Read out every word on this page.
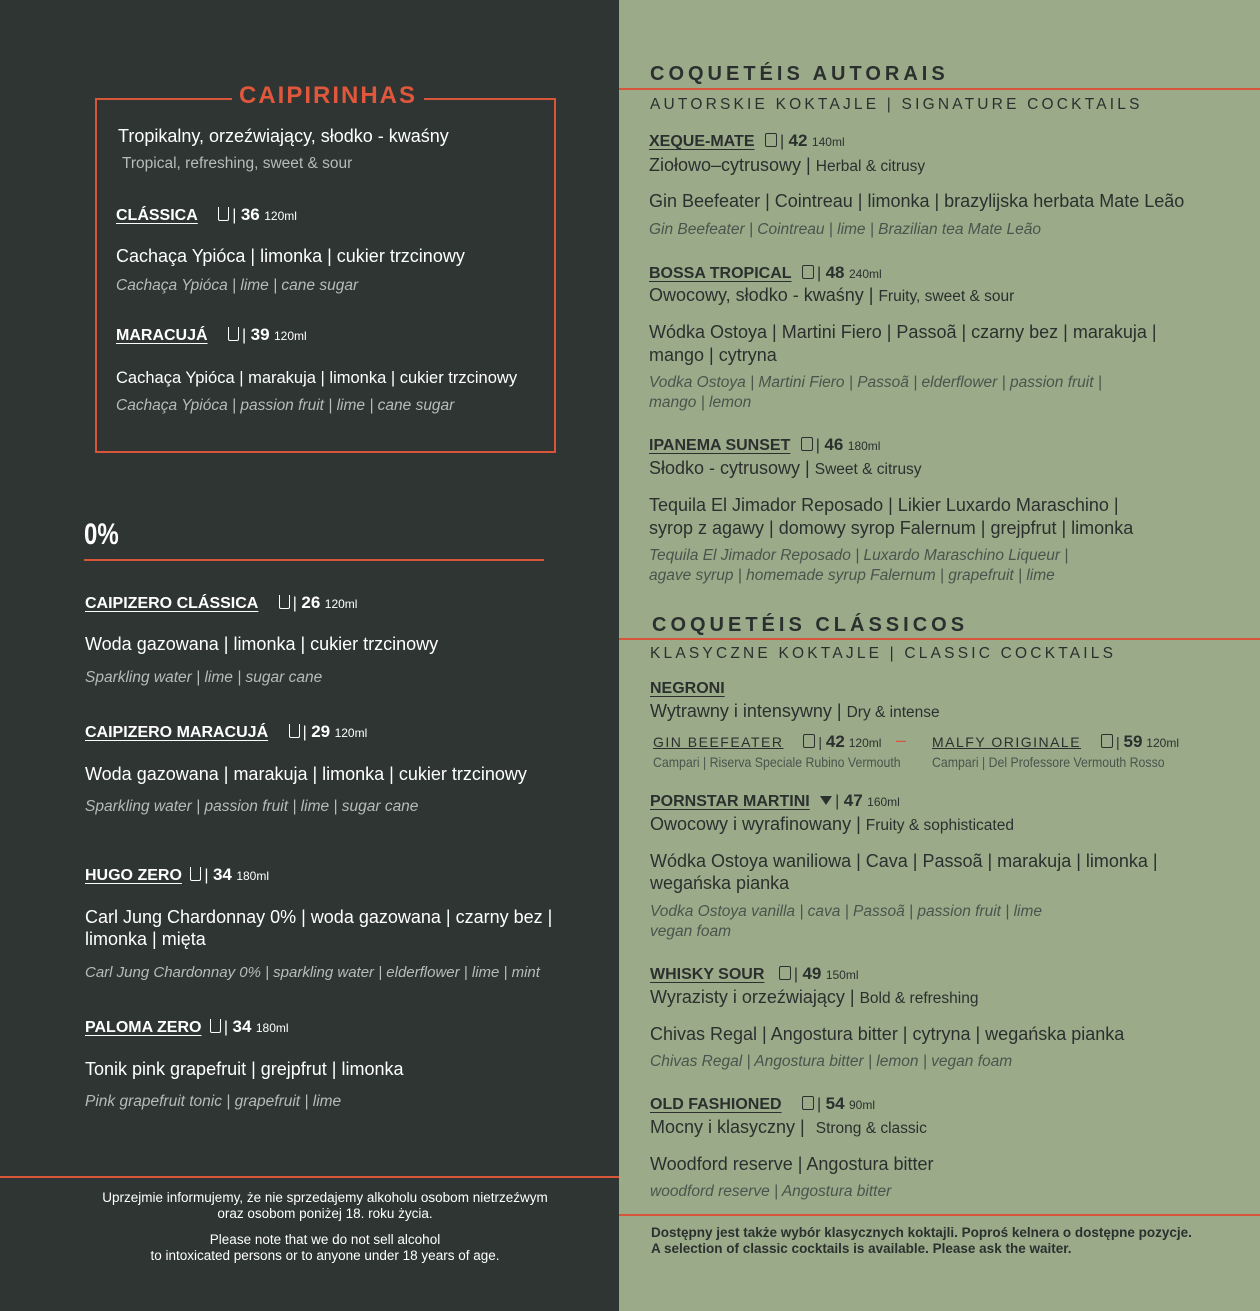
CAIPIRINHAS
Tropikalny, orzeźwiający, słodko - kwaśny
Tropical, refreshing, sweet & sour
CLÁSSICA | 36 120ml
Cachaça Ypióca | limonka | cukier trzcinowy
Cachaça Ypióca | lime | cane sugar
MARACUJÁ | 39 120ml
Cachaça Ypióca | marakuja | limonka | cukier trzcinowy
Cachaça Ypióca | passion fruit | lime | cane sugar
0%
CAIPIZERO CLÁSSICA | 26 120ml
Woda gazowana | limonka | cukier trzcinowy
Sparkling water | lime | sugar cane
CAIPIZERO MARACUJÁ | 29 120ml
Woda gazowana | marakuja | limonka | cukier trzcinowy
Sparkling water | passion fruit | lime | sugar cane
HUGO ZERO | 34 180ml
Carl Jung Chardonnay 0% | woda gazowana | czarny bez |
limonka | mięta
Carl Jung Chardonnay 0% | sparkling water | elderflower | lime | mint
PALOMA ZERO | 34 180ml
Tonik pink grapefruit | grejpfrut | limonka
Pink grapefruit tonic | grapefruit | lime
Uprzejmie informujemy, że nie sprzedajemy alkoholu osobom nietrzeźwym
oraz osobom poniżej 18. roku życia.
Please note that we do not sell alcohol
to intoxicated persons or to anyone under 18 years of age.
COQUETÉIS AUTORAIS
AUTORSKIE KOKTAJLE | SIGNATURE COCKTAILS
XEQUE-MATE | 42 140ml
Ziołowo–cytrusowy | Herbal & citrusy
Gin Beefeater | Cointreau | limonka | brazylijska herbata Mate Leão
Gin Beefeater | Cointreau | lime | Brazilian tea Mate Leão
BOSSA TROPICAL | 48 240ml
Owocowy, słodko - kwaśny | Fruity, sweet & sour
Wódka Ostoya | Martini Fiero | Passoã | czarny bez | marakuja |
mango | cytryna
Vodka Ostoya | Martini Fiero | Passoã | elderflower | passion fruit |
mango | lemon
IPANEMA SUNSET | 46 180ml
Słodko - cytrusowy | Sweet & citrusy
Tequila El Jimador Reposado | Likier Luxardo Maraschino |
syrop z agawy | domowy syrop Falernum | grejpfrut | limonka
Tequila El Jimador Reposado | Luxardo Maraschino Liqueur |
agave syrup | homemade syrup Falernum | grapefruit | lime
COQUETÉIS CLÁSSICOS
KLASYCZNE KOKTAJLE | CLASSIC COCKTAILS
NEGRONI
Wytrawny i intensywny | Dry & intense
GIN BEEFEATER | 42 120ml – MALFY ORIGINALE | 59 120ml
Campari | Riserva Speciale Rubino Vermouth Campari | Del Professore Vermouth Rosso
PORNSTAR MARTINI | 47 160ml
Owocowy i wyrafinowany | Fruity & sophisticated
Wódka Ostoya waniliowa | Cava | Passoã | marakuja | limonka |
wegańska pianka
Vodka Ostoya vanilla | cava | Passoã | passion fruit | lime
vegan foam
WHISKY SOUR | 49 150ml
Wyrazisty i orzeźwiający | Bold & refreshing
Chivas Regal | Angostura bitter | cytryna | wegańska pianka
Chivas Regal | Angostura bitter | lemon | vegan foam
OLD FASHIONED | 54 90ml
Mocny i klasyczny | Strong & classic
Woodford reserve | Angostura bitter
woodford reserve | Angostura bitter
Dostępny jest także wybór klasycznych koktajli. Poproś kelnera o dostępne pozycje.
A selection of classic cocktails is available. Please ask the waiter.
